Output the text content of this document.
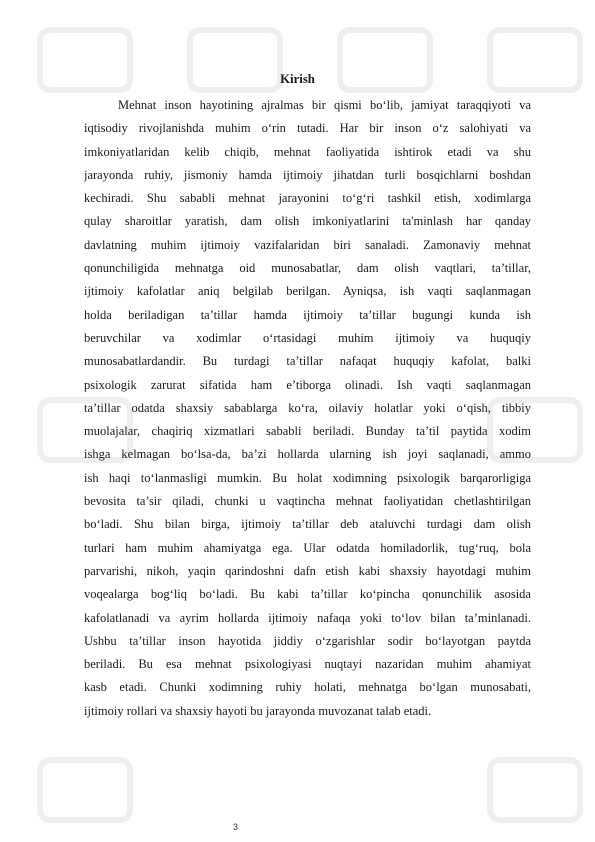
Kirish
Mehnat inson hayotining ajralmas bir qismi bo‘lib, jamiyat taraqqiyoti va
iqtisodiy rivojlanishda muhim o‘rin tutadi. Har bir inson o‘z salohiyati va
imkoniyatlaridan kelib chiqib, mehnat faoliyatida ishtirok etadi va shu
jarayonda ruhiy, jismoniy hamda ijtimoiy jihatdan turli bosqichlarni boshdan
kechiradi. Shu sababli mehnat jarayonini to‘g‘ri tashkil etish, xodimlarga
qulay sharoitlar yaratish, dam olish imkoniyatlarini ta'minlash har qanday
davlatning muhim ijtimoiy vazifalaridan biri sanaladi. Zamonaviy mehnat
qonunchiligida mehnatga oid munosabatlar, dam olish vaqtlari, ta’tillar,
ijtimoiy kafolatlar aniq belgilab berilgan. Ayniqsa, ish vaqti saqlanmagan
holda beriladigan ta’tillar hamda ijtimoiy ta’tillar bugungi kunda ish
beruvchilar va xodimlar o‘rtasidagi muhim ijtimoiy va huquqiy
munosabatlardandir. Bu turdagi ta’tillar nafaqat huquqiy kafolat, balki
psixologik zarurat sifatida ham e’tiborga olinadi. Ish vaqti saqlanmagan
ta’tillar odatda shaxsiy sabablarga ko‘ra, oilaviy holatlar yoki o‘qish, tibbiy
muolajalar, chaqiriq xizmatlari sababli beriladi. Bunday ta’til paytida xodim
ishga kelmagan bo‘lsa-da, ba’zi hollarda ularning ish joyi saqlanadi, ammo
ish haqi to‘lanmasligi mumkin. Bu holat xodimning psixologik barqarorligiga
bevosita ta’sir qiladi, chunki u vaqtincha mehnat faoliyatidan chetlashtirilgan
bo‘ladi. Shu bilan birga, ijtimoiy ta’tillar deb ataluvchi turdagi dam olish
turlari ham muhim ahamiyatga ega. Ular odatda homiladorlik, tug‘ruq, bola
parvarishi, nikoh, yaqin qarindoshni dafn etish kabi shaxsiy hayotdagi muhim
voqealarga bog‘liq bo‘ladi. Bu kabi ta’tillar ko‘pincha qonunchilik asosida
kafolatlanadi va ayrim hollarda ijtimoiy nafaqa yoki to‘lov bilan ta’minlanadi.
Ushbu ta’tillar inson hayotida jiddiy o‘zgarishlar sodir bo‘layotgan paytda
beriladi. Bu esa mehnat psixologiyasi nuqtayi nazaridan muhim ahamiyat
kasb etadi. Chunki xodimning ruhiy holati, mehnatga bo‘lgan munosabati,
ijtimoiy rollari va shaxsiy hayoti bu jarayonda muvozanat talab etadi.
3
